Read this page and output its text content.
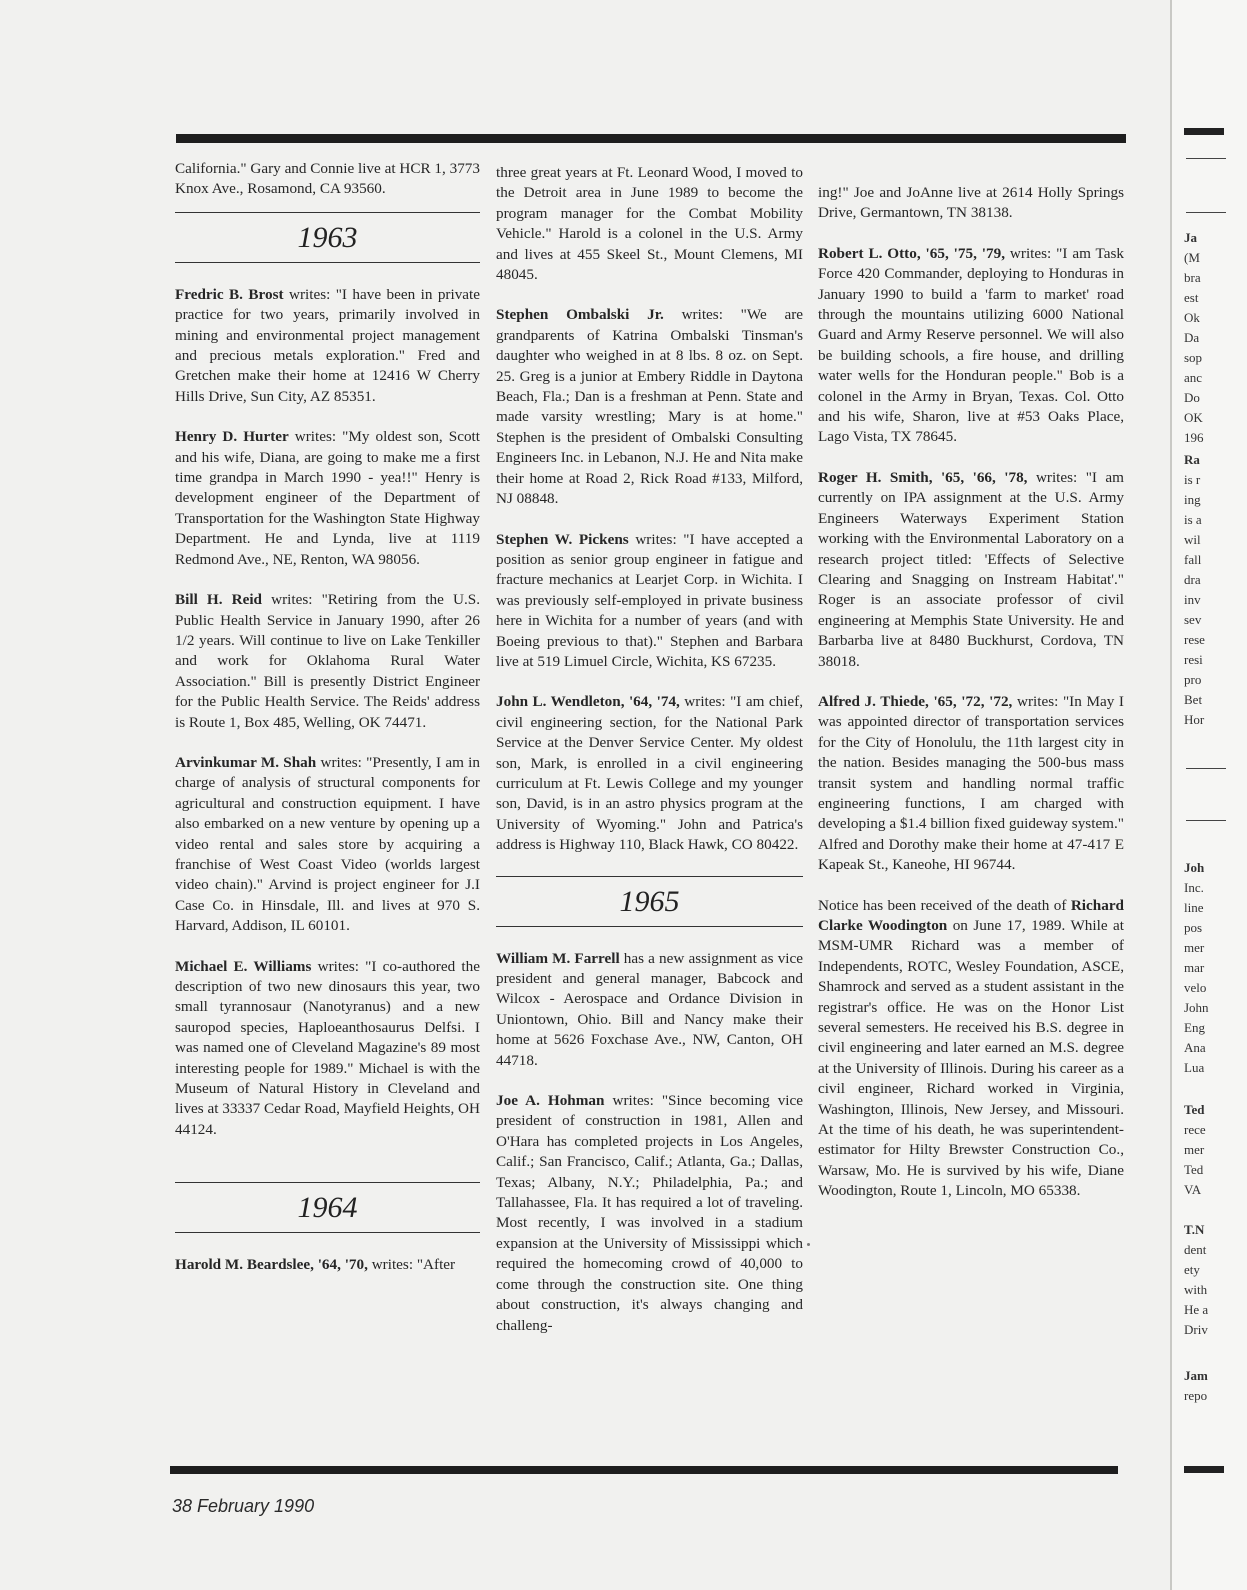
California." Gary and Connie live at HCR 1, 3773 Knox Ave., Rosamond, CA 93560.

1963

Fredric B. Brost writes: "I have been in private practice for two years, primarily involved in mining and environmental project management and precious metals exploration." Fred and Gretchen make their home at 12416 W Cherry Hills Drive, Sun City, AZ 85351.

Henry D. Hurter writes: "My oldest son, Scott and his wife, Diana, are going to make me a first time grandpa in March 1990 - yea!!" Henry is development engineer of the Department of Transportation for the Washington State Highway Department. He and Lynda, live at 1119 Redmond Ave., NE, Renton, WA 98056.

Bill H. Reid writes: "Retiring from the U.S. Public Health Service in January 1990, after 26 1/2 years. Will continue to live on Lake Tenkiller and work for Oklahoma Rural Water Association." Bill is presently District Engineer for the Public Health Service. The Reids' address is Route 1, Box 485, Welling, OK 74471.

Arvinkumar M. Shah writes: "Presently, I am in charge of analysis of structural components for agricultural and construction equipment. I have also embarked on a new venture by opening up a video rental and sales store by acquiring a franchise of West Coast Video (worlds largest video chain)." Arvind is project engineer for J.I Case Co. in Hinsdale, Ill. and lives at 970 S. Harvard, Addison, IL 60101.

Michael E. Williams writes: "I co-authored the description of two new dinosaurs this year, two small tyrannosaur (Nanotyranus) and a new sauropod species, Haploeanthosaurus Delfsi. I was named one of Cleveland Magazine's 89 most interesting people for 1989." Michael is with the Museum of Natural History in Cleveland and lives at 33337 Cedar Road, Mayfield Heights, OH 44124.

1964

Harold M. Beardslee, '64, '70, writes: "After

three great years at Ft. Leonard Wood, I moved to the Detroit area in June 1989 to become the program manager for the Combat Mobility Vehicle." Harold is a colonel in the U.S. Army and lives at 455 Skeel St., Mount Clemens, MI 48045.

Stephen Ombalski Jr. writes: "We are grandparents of Katrina Ombalski Tinsman's daughter who weighed in at 8 lbs. 8 oz. on Sept. 25. Greg is a junior at Embery Riddle in Daytona Beach, Fla.; Dan is a freshman at Penn. State and made varsity wrestling; Mary is at home." Stephen is the president of Ombalski Consulting Engineers Inc. in Lebanon, N.J. He and Nita make their home at Road 2, Rick Road #133, Milford, NJ 08848.

Stephen W. Pickens writes: "I have accepted a position as senior group engineer in fatigue and fracture mechanics at Learjet Corp. in Wichita. I was previously self-employed in private business here in Wichita for a number of years (and with Boeing previous to that)." Stephen and Barbara live at 519 Limuel Circle, Wichita, KS 67235.

John L. Wendleton, '64, '74, writes: "I am chief, civil engineering section, for the National Park Service at the Denver Service Center. My oldest son, Mark, is enrolled in a civil engineering curriculum at Ft. Lewis College and my younger son, David, is in an astro physics program at the University of Wyoming." John and Patrica's address is Highway 110, Black Hawk, CO 80422.

1965

William M. Farrell has a new assignment as vice president and general manager, Babcock and Wilcox - Aerospace and Ordance Division in Uniontown, Ohio. Bill and Nancy make their home at 5626 Foxchase Ave., NW, Canton, OH 44718.

Joe A. Hohman writes: "Since becoming vice president of construction in 1981, Allen and O'Hara has completed projects in Los Angeles, Calif.; San Francisco, Calif.; Atlanta, Ga.; Dallas, Texas; Albany, N.Y.; Philadelphia, Pa.; and Tallahassee, Fla. It has required a lot of traveling. Most recently, I was involved in a stadium expansion at the University of Mississippi which required the homecoming crowd of 40,000 to come through the construction site. One thing about construction, it's always changing and challeng-

ing!" Joe and JoAnne live at 2614 Holly Springs Drive, Germantown, TN 38138.

Robert L. Otto, '65, '75, '79, writes: "I am Task Force 420 Commander, deploying to Honduras in January 1990 to build a 'farm to market' road through the mountains utilizing 6000 National Guard and Army Reserve personnel. We will also be building schools, a fire house, and drilling water wells for the Honduran people." Bob is a colonel in the Army in Bryan, Texas. Col. Otto and his wife, Sharon, live at #53 Oaks Place, Lago Vista, TX 78645.

Roger H. Smith, '65, '66, '78, writes: "I am currently on IPA assignment at the U.S. Army Engineers Waterways Experiment Station working with the Environmental Laboratory on a research project titled: 'Effects of Selective Clearing and Snagging on Instream Habitat'." Roger is an associate professor of civil engineering at Memphis State University. He and Barbarba live at 8480 Buckhurst, Cordova, TN 38018.

Alfred J. Thiede, '65, '72, '72, writes: "In May I was appointed director of transportation services for the City of Honolulu, the 11th largest city in the nation. Besides managing the 500-bus mass transit system and handling normal traffic engineering functions, I am charged with developing a $1.4 billion fixed guideway system." Alfred and Dorothy make their home at 47-417 E Kapeak St., Kaneohe, HI 96744.

Notice has been received of the death of Richard Clarke Woodington on June 17, 1989. While at MSM-UMR Richard was a member of Independents, ROTC, Wesley Foundation, ASCE, Shamrock and served as a student assistant in the registrar's office. He was on the Honor List several semesters. He received his B.S. degree in civil engineering and later earned an M.S. degree at the University of Illinois. During his career as a civil engineer, Richard worked in Virginia, Washington, Illinois, New Jersey, and Missouri. At the time of his death, he was superintendent-estimator for Hilty Brewster Construction Co., Warsaw, Mo. He is survived by his wife, Diane Woodington, Route 1, Lincoln, MO 65338.

38 February 1990
Ja
(M
bra
est
Ok
Da
sop
anc
Do
OK
196
Ra
is r
ing
is a
wil
fall
dra
inv
sev
rese
resi
pro
Bet
Hor
Joh
Inc.
line
pos
mer
mar
velo
John
Eng
Ana
Lua
Ted
rece
mer
Ted
VA
T.N
dent
ety
with
He a
Driv
Jam
repo
